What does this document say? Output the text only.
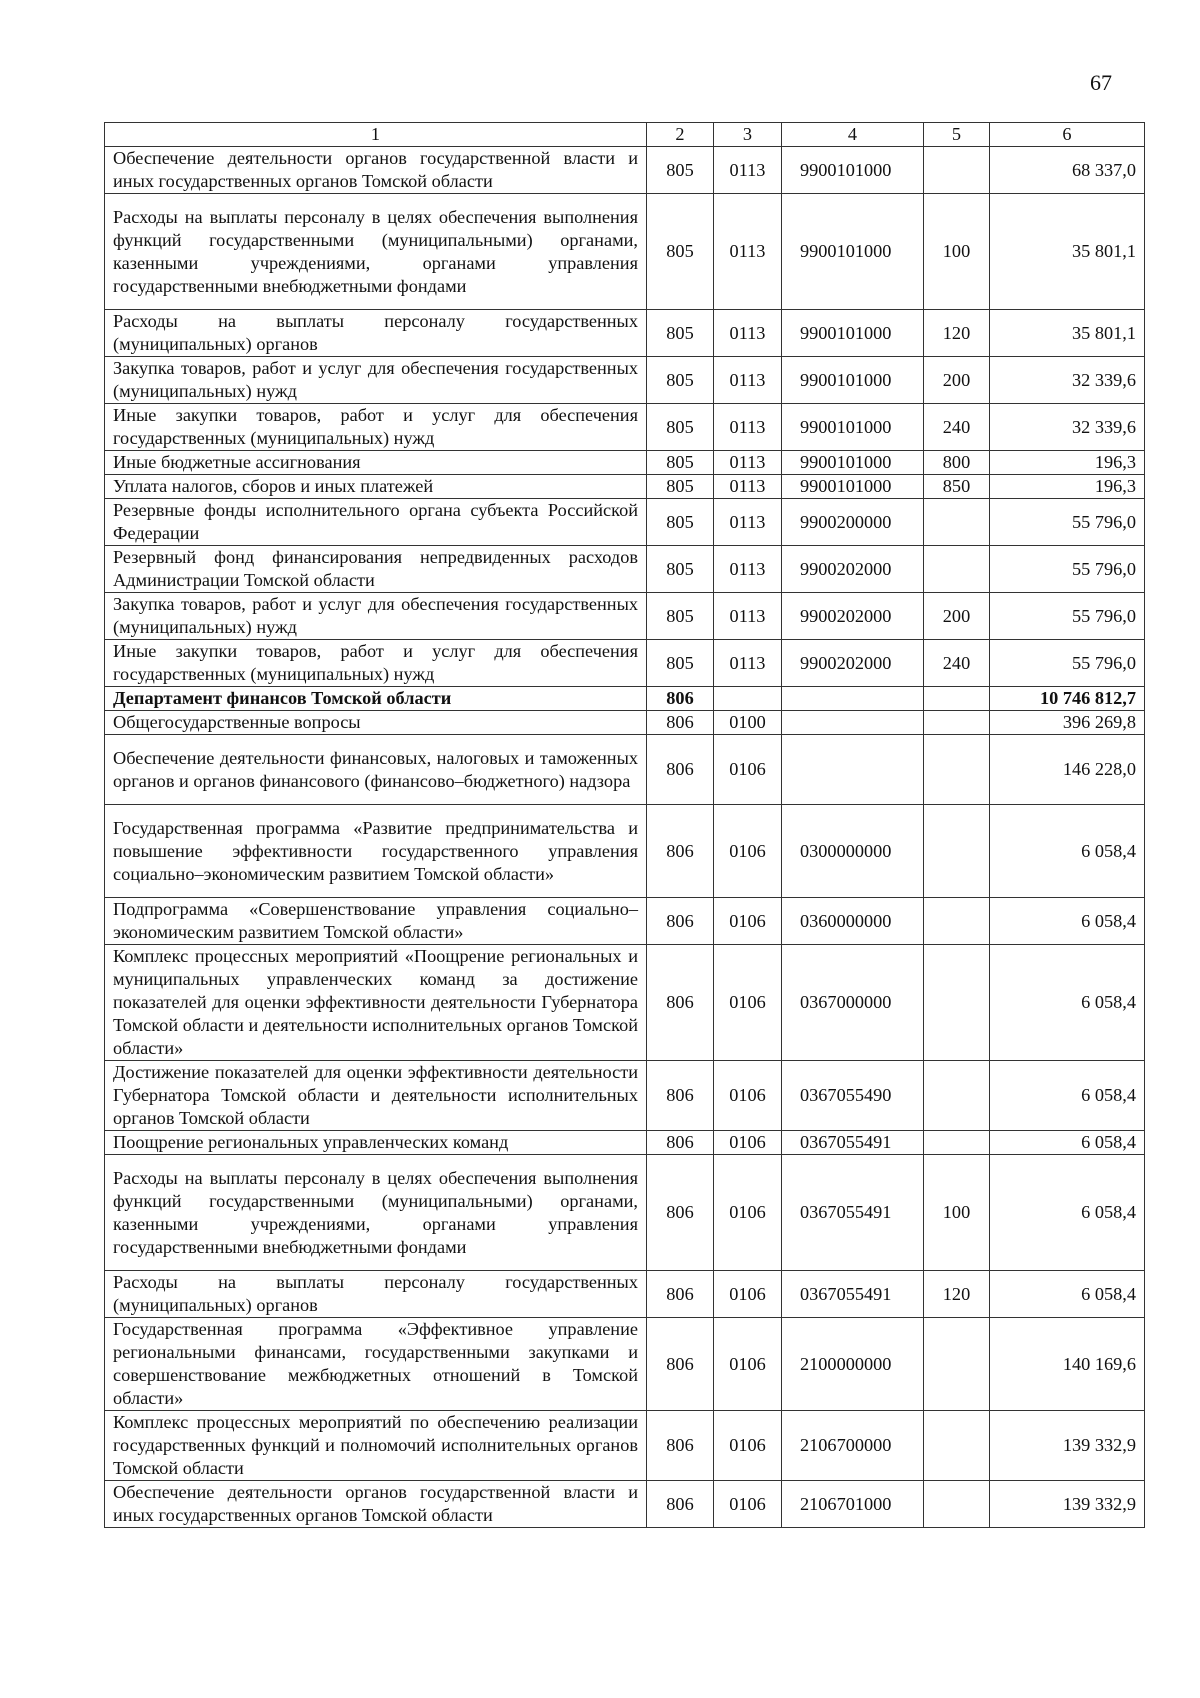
67
1	2	3	4	5	6
Обеспечение деятельности органов государственной власти и иных государственных органов Томской области	805	0113	9900101000		68 337,0
Расходы на выплаты персоналу в целях обеспечения выполнения функций государственными (муниципальными) органами, казенными учреждениями, органами управления государственными внебюджетными фондами	805	0113	9900101000	100	35 801,1
Расходы на выплаты персоналу государственных (муниципальных) органов	805	0113	9900101000	120	35 801,1
Закупка товаров, работ и услуг для обеспечения государственных (муниципальных) нужд	805	0113	9900101000	200	32 339,6
Иные закупки товаров, работ и услуг для обеспечения государственных (муниципальных) нужд	805	0113	9900101000	240	32 339,6
Иные бюджетные ассигнования	805	0113	9900101000	800	196,3
Уплата налогов, сборов и иных платежей	805	0113	9900101000	850	196,3
Резервные фонды исполнительного органа субъекта Российской Федерации	805	0113	9900200000		55 796,0
Резервный фонд финансирования непредвиденных расходов Администрации Томской области	805	0113	9900202000		55 796,0
Закупка товаров, работ и услуг для обеспечения государственных (муниципальных) нужд	805	0113	9900202000	200	55 796,0
Иные закупки товаров, работ и услуг для обеспечения государственных (муниципальных) нужд	805	0113	9900202000	240	55 796,0
Департамент финансов Томской области	806				10 746 812,7
Общегосударственные вопросы	806	0100			396 269,8
Обеспечение деятельности финансовых, налоговых и таможенных органов и органов финансового (финансово–бюджетного) надзора	806	0106			146 228,0
Государственная программа «Развитие предпринимательства и повышение эффективности государственного управления социально–экономическим развитием Томской области»	806	0106	0300000000		6 058,4
Подпрограмма «Совершенствование управления социально–экономическим развитием Томской области»	806	0106	0360000000		6 058,4
Комплекс процессных мероприятий «Поощрение региональных и муниципальных управленческих команд за достижение показателей для оценки эффективности деятельности Губернатора Томской области и деятельности исполнительных органов Томской области»	806	0106	0367000000		6 058,4
Достижение показателей для оценки эффективности деятельности Губернатора Томской области и деятельности исполнительных органов Томской области	806	0106	0367055490		6 058,4
Поощрение региональных управленческих команд	806	0106	0367055491		6 058,4
Расходы на выплаты персоналу в целях обеспечения выполнения функций государственными (муниципальными) органами, казенными учреждениями, органами управления государственными внебюджетными фондами	806	0106	0367055491	100	6 058,4
Расходы на выплаты персоналу государственных (муниципальных) органов	806	0106	0367055491	120	6 058,4
Государственная программа «Эффективное управление региональными финансами, государственными закупками и совершенствование межбюджетных отношений в Томской области»	806	0106	2100000000		140 169,6
Комплекс процессных мероприятий по обеспечению реализации государственных функций и полномочий исполнительных органов Томской области	806	0106	2106700000		139 332,9
Обеспечение деятельности органов государственной власти и иных государственных органов Томской области	806	0106	2106701000		139 332,9
